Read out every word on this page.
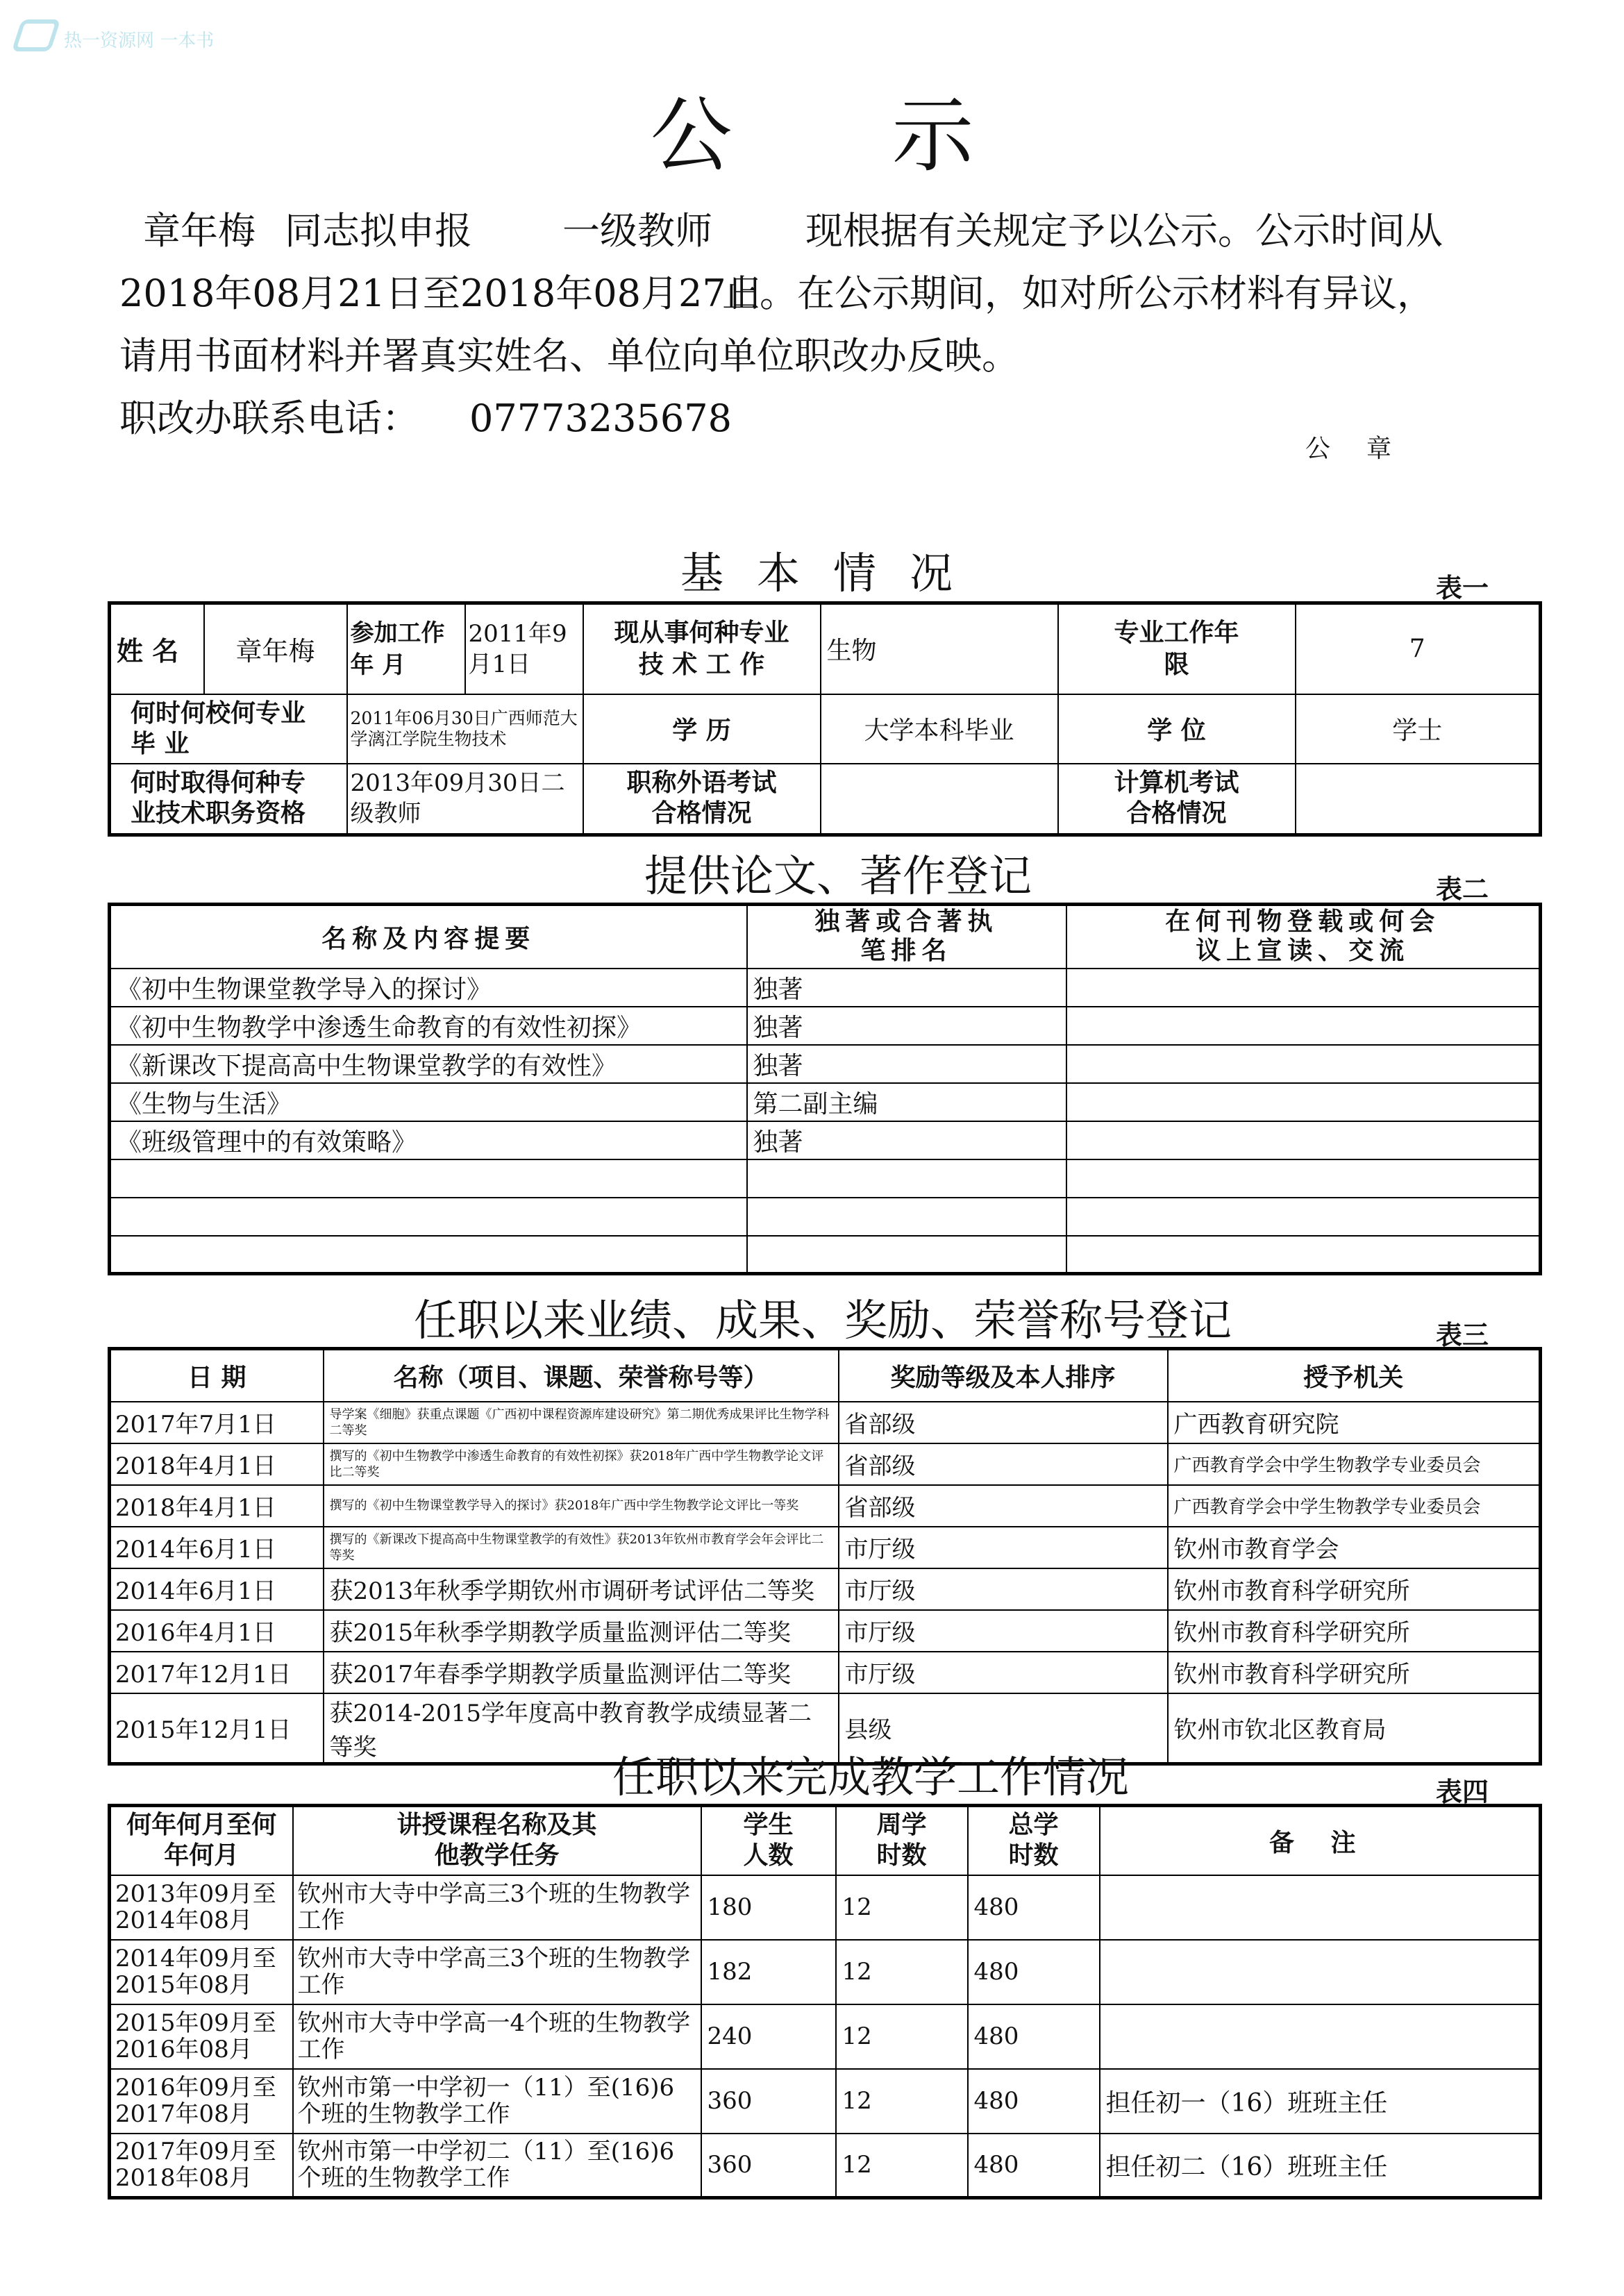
热一资源网 一本书
公示
章年梅 同志拟申报 一级教师 现根据有关规定予以公示。公示时间从
2018年08月21日至2018年08月27日
止。在公示期间，如对所公示材料有异议，
请用书面材料并署真实姓名、单位向单位职改办反映。
职改办联系电话： 07773235678
公章
基本情况	表一
姓 名	章年梅	参加工作年 月	2011年9月1日	现从事何种专业技 术 工 作	生物	专业工作年 限	7
何时何校何专业毕 业		2011年06月30日广西师范大学漓江学院生物技术		学 历	大学本科毕业	学 位	学士
何时取得何种专业技术职务资格		2013年09月30日二级教师		职称外语考试合格情况		计算机考试合格情况	
提供论文、著作登记	表二
名称及内容提要	独著或合著执笔排名	在何刊物登载或何会议上宣读、交流
《初中生物课堂教学导入的探讨》	独著	
《初中生物教学中渗透生命教育的有效性初探》	独著	
《新课改下提高高中生物课堂教学的有效性》	独著	
《生物与生活》	第二副主编	
《班级管理中的有效策略》	独著	

任职以来业绩、成果、奖励、荣誉称号登记	表三
日 期	名称（项目、课题、荣誉称号等）	奖励等级及本人排序	授予机关
2017年7月1日	导学案《细胞》获重点课题《广西初中课程资源库建设研究》第二期优秀成果评比生物学科二等奖	省部级	广西教育研究院
2018年4月1日	撰写的《初中生物教学中渗透生命教育的有效性初探》获2018年广西中学生物教学论文评比二等奖	省部级	广西教育学会中学生物教学专业委员会
2018年4月1日	撰写的《初中生物课堂教学导入的探讨》获2018年广西中学生物教学论文评比一等奖	省部级	广西教育学会中学生物教学专业委员会
2014年6月1日	撰写的《新课改下提高高中生物课堂教学的有效性》获2013年钦州市教育学会年会评比二等奖	市厅级	钦州市教育学会
2014年6月1日	获2013年秋季学期钦州市调研考试评估二等奖	市厅级	钦州市教育科学研究所
2016年4月1日	获2015年秋季学期教学质量监测评估二等奖	市厅级	钦州市教育科学研究所
2017年12月1日	获2017年春季学期教学质量监测评估二等奖	市厅级	钦州市教育科学研究所
2015年12月1日	获2014-2015学年度高中教育教学成绩显著二等奖	县级	钦州市钦北区教育局
任职以来完成教学工作情况	表四
何年何月至何年何月	讲授课程名称及其他教学任务	学生人数	周学时数	总学时数	备 注
2013年09月至2014年08月	钦州市大寺中学高三3个班的生物教学工作	180	12	480	
2014年09月至2015年08月	钦州市大寺中学高三3个班的生物教学工作	182	12	480	
2015年09月至2016年08月	钦州市大寺中学高一4个班的生物教学工作	240	12	480	
2016年09月至2017年08月	钦州市第一中学初一（11）至(16)6个班的生物教学工作	360	12	480	担任初一（16）班班主任
2017年09月至2018年08月	钦州市第一中学初二（11）至(16)6个班的生物教学工作	360	12	480	担任初二（16）班班主任
